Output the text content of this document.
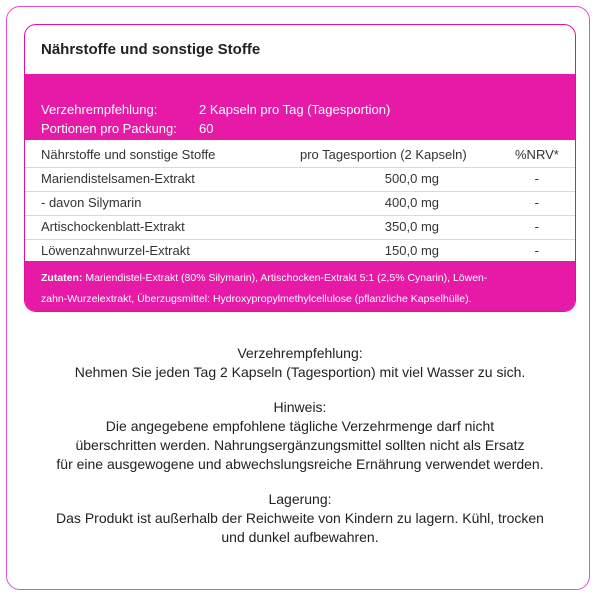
Nährstoffe und sonstige Stoffe
Verzehrempfehlung:	2 Kapseln pro Tag (Tagesportion)
Portionen pro Packung: 60
Nährstoffe und sonstige Stoffe	pro Tagesportion (2 Kapseln)	%NRV*
Mariendistelsamen-Extrakt	500,0 mg	-
- davon Silymarin	400,0 mg	-
Artischockenblatt-Extrakt	350,0 mg	-
Löwenzahnwurzel-Extrakt	150,0 mg	-
Zutaten: Mariendistel-Extrakt (80% Silymarin), Artischocken-Extrakt 5:1 (2,5% Cynarin), Löwen-
zahn-Wurzelextrakt, Überzugsmittel: Hydroxypropylmethylcellulose (pflanzliche Kapselhülle).
Verzehrempfehlung:
Nehmen Sie jeden Tag 2 Kapseln (Tagesportion) mit viel Wasser zu sich.
Hinweis:
Die angegebene empfohlene tägliche Verzehrmenge darf nicht
überschritten werden. Nahrungsergänzungsmittel sollten nicht als Ersatz
für eine ausgewogene und abwechslungsreiche Ernährung verwendet werden.
Lagerung:
Das Produkt ist außerhalb der Reichweite von Kindern zu lagern. Kühl, trocken
und dunkel aufbewahren.
